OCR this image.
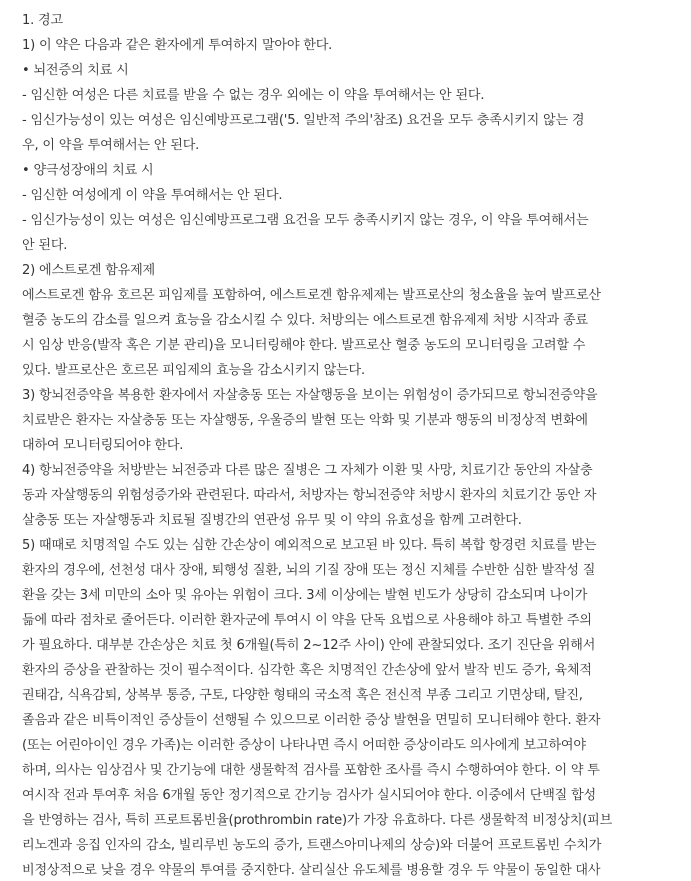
1. 경고
1) 이 약은 다음과 같은 환자에게 투여하지 말아야 한다.
• 뇌전증의 치료 시
- 임신한 여성은 다른 치료를 받을 수 없는 경우 외에는 이 약을 투여해서는 안 된다.
- 임신가능성이 있는 여성은 임신예방프로그램('5. 일반적 주의'참조) 요건을 모두 충족시키지 않는 경
우, 이 약을 투여해서는 안 된다.
• 양극성장애의 치료 시
- 임신한 여성에게 이 약을 투여해서는 안 된다.
- 임신가능성이 있는 여성은 임신예방프로그램 요건을 모두 충족시키지 않는 경우, 이 약을 투여해서는
안 된다.
2) 에스트로겐 함유제제
에스트로겐 함유 호르몬 피임제를 포함하여, 에스트로겐 함유제제는 발프로산의 청소율을 높여 발프로산
혈중 농도의 감소를 일으켜 효능을 감소시킬 수 있다. 처방의는 에스트로겐 함유제제 처방 시작과 종료
시 임상 반응(발작 혹은 기분 관리)을 모니터링해야 한다. 발프로산 혈중 농도의 모니터링을 고려할 수
있다. 발프로산은 호르몬 피임제의 효능을 감소시키지 않는다.
3) 항뇌전증약을 복용한 환자에서 자살충동 또는 자살행동을 보이는 위험성이 증가되므로 항뇌전증약을
치료받은 환자는 자살충동 또는 자살행동, 우울증의 발현 또는 악화 및 기분과 행동의 비정상적 변화에
대하여 모니터링되어야 한다.
4) 항뇌전증약을 처방받는 뇌전증과 다른 많은 질병은 그 자체가 이환 및 사망, 치료기간 동안의 자살충
동과 자살행동의 위험성증가와 관련된다. 따라서, 처방자는 항뇌전증약 처방시 환자의 치료기간 동안 자
살충동 또는 자살행동과 치료될 질병간의 연관성 유무 및 이 약의 유효성을 함께 고려한다.
5) 때때로 치명적일 수도 있는 심한 간손상이 예외적으로 보고된 바 있다. 특히 복합 항경련 치료를 받는
환자의 경우에, 선천성 대사 장애, 퇴행성 질환, 뇌의 기질 장애 또는 정신 지체를 수반한 심한 발작성 질
환을 갖는 3세 미만의 소아 및 유아는 위험이 크다. 3세 이상에는 발현 빈도가 상당히 감소되며 나이가
듦에 따라 점차로 줄어든다. 이러한 환자군에 투여시 이 약을 단독 요법으로 사용해야 하고 특별한 주의
가 필요하다. 대부분 간손상은 치료 첫 6개월(특히 2~12주 사이) 안에 관찰되었다. 조기 진단을 위해서
환자의 증상을 관찰하는 것이 필수적이다. 심각한 혹은 치명적인 간손상에 앞서 발작 빈도 증가, 육체적
권태감, 식욕감퇴, 상복부 통증, 구토, 다양한 형태의 국소적 혹은 전신적 부종 그리고 기면상태, 탈진,
졸음과 같은 비특이적인 증상들이 선행될 수 있으므로 이러한 증상 발현을 면밀히 모니터해야 한다. 환자
(또는 어린아이인 경우 가족)는 이러한 증상이 나타나면 즉시 어떠한 증상이라도 의사에게 보고하여야
하며, 의사는 임상검사 및 간기능에 대한 생물학적 검사를 포함한 조사를 즉시 수행하여야 한다. 이 약 투
여시작 전과 투여후 처음 6개월 동안 정기적으로 간기능 검사가 실시되어야 한다. 이중에서 단백질 합성
을 반영하는 검사, 특히 프로트롬빈율(prothrombin rate)가 가장 유효하다. 다른 생물학적 비정상치(피브
리노겐과 응집 인자의 감소, 빌리루빈 농도의 증가, 트랜스아미나제의 상승)와 더불어 프로트롬빈 수치가
비정상적으로 낮을 경우 약물의 투여를 중지한다. 살리실산 유도체를 병용할 경우 두 약물이 동일한 대사
